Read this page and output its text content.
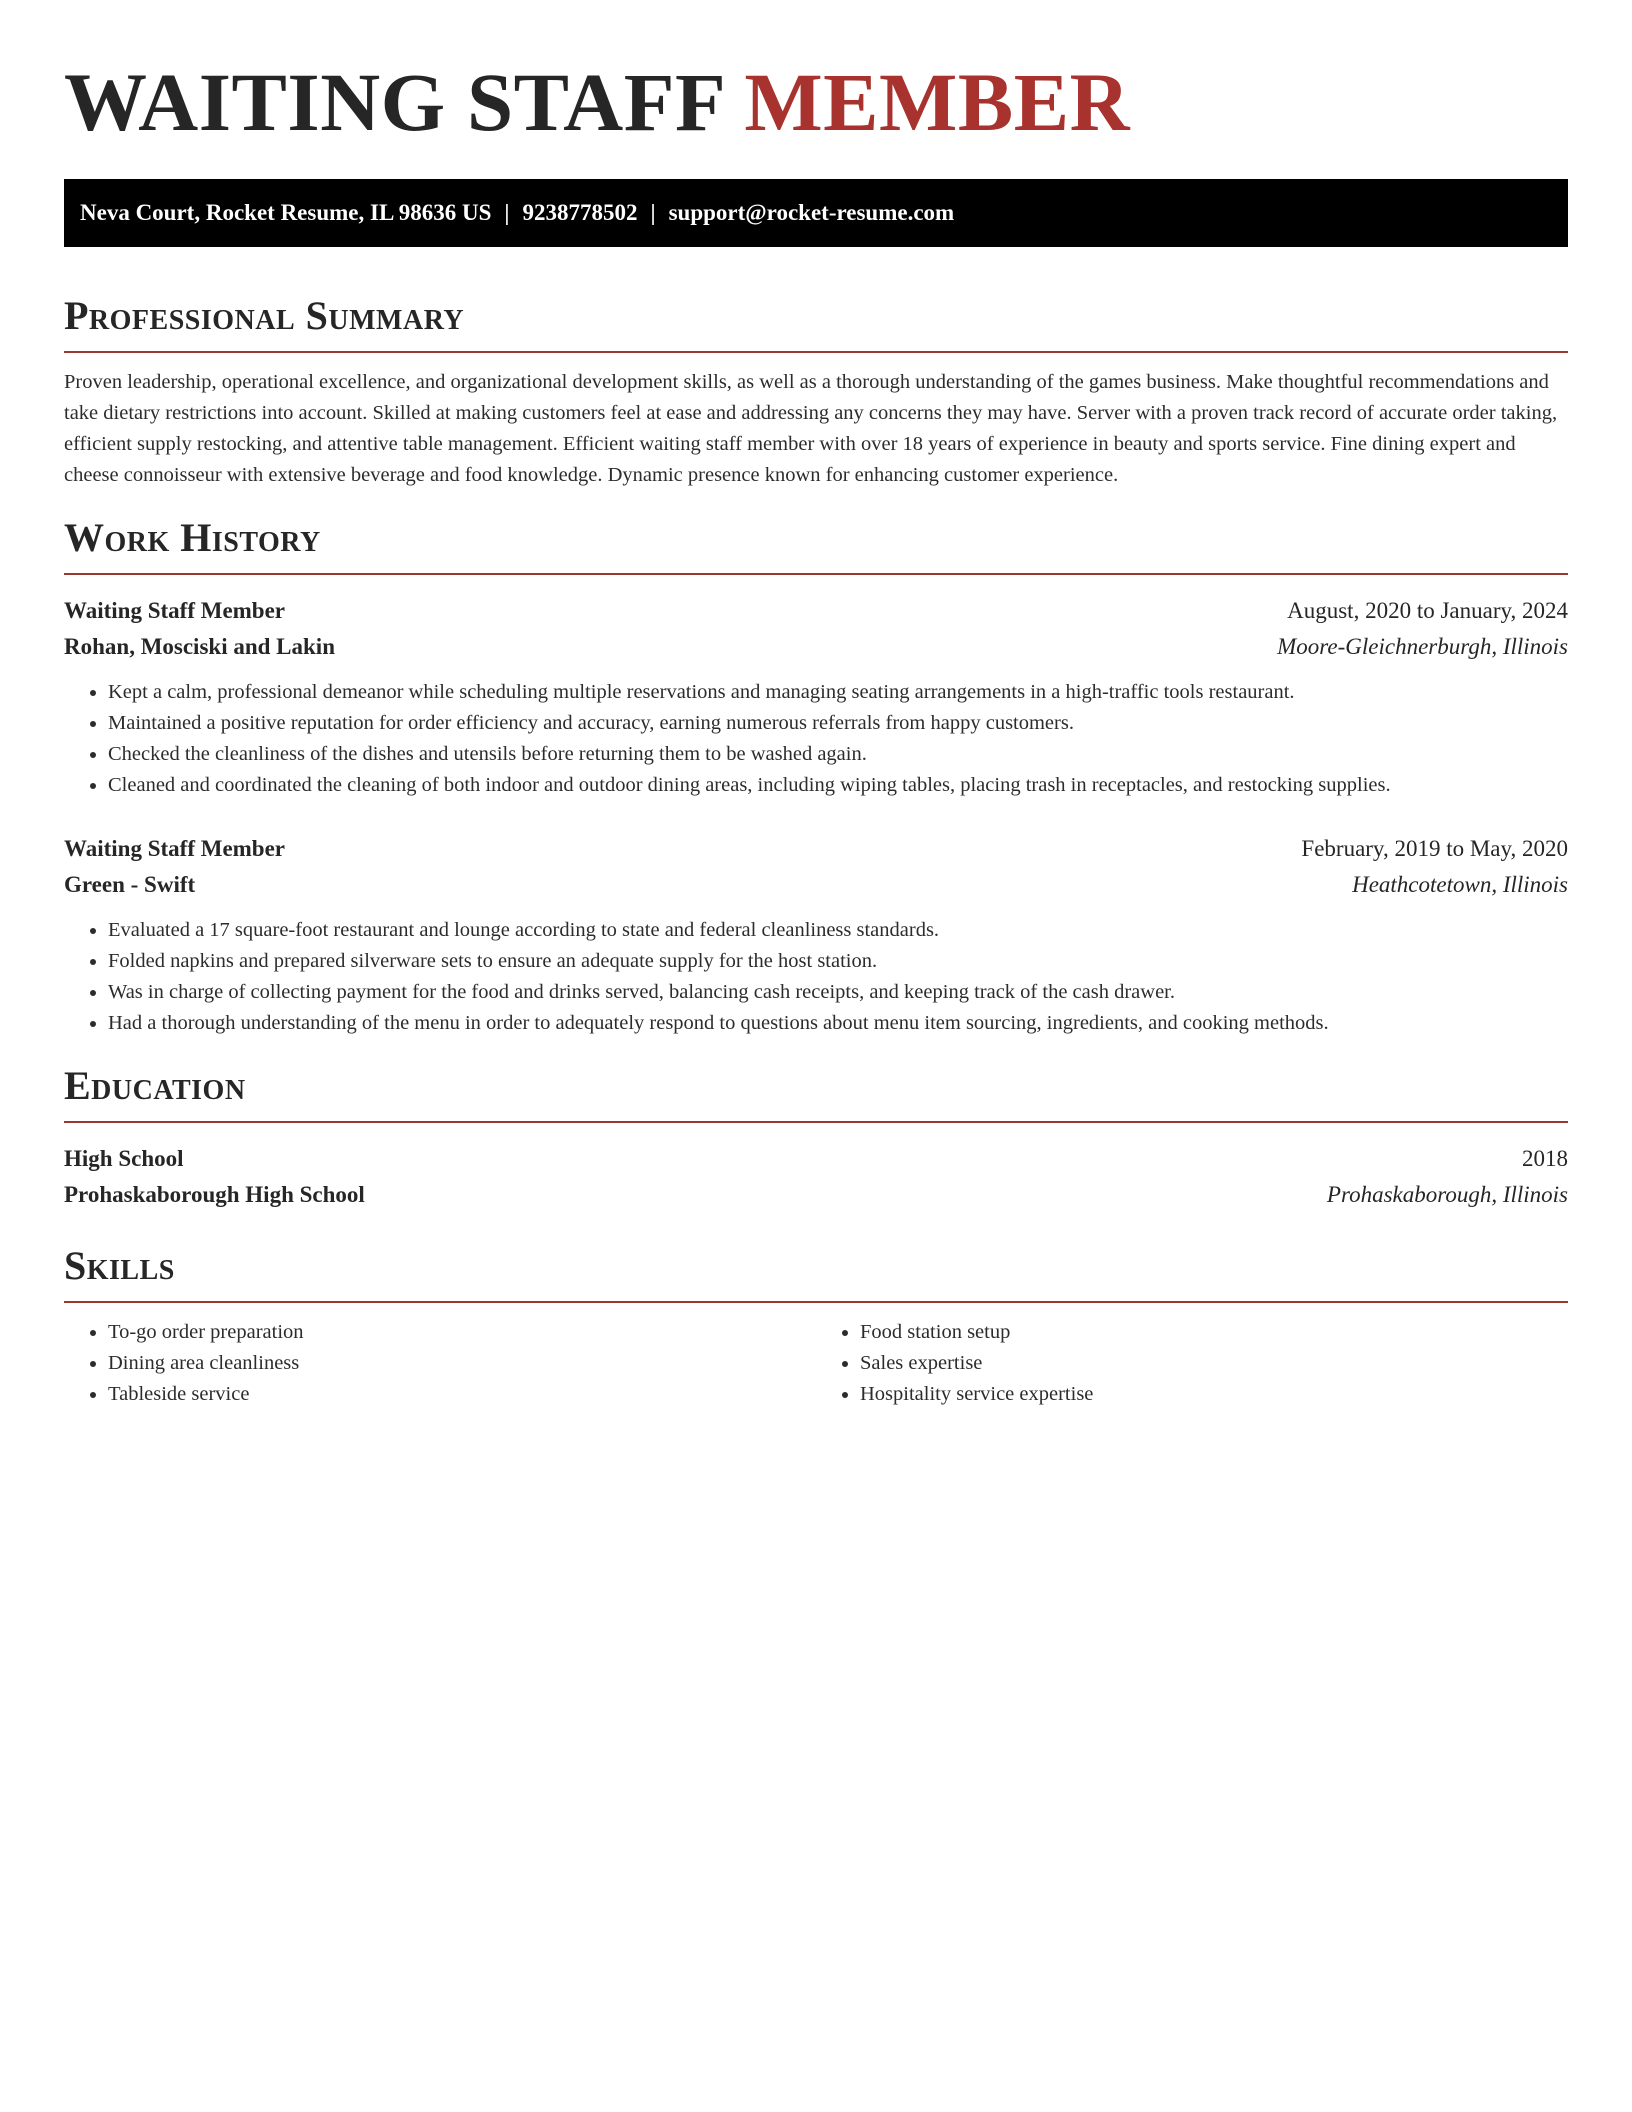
WAITING STAFF MEMBER
Neva Court, Rocket Resume, IL 98636 US | 9238778502 | support@rocket-resume.com
Professional Summary

Proven leadership, operational excellence, and organizational development skills, as well as a thorough understanding of the games business. Make thoughtful recommendations and take dietary restrictions into account. Skilled at making customers feel at ease and addressing any concerns they may have. Server with a proven track record of accurate order taking, efficient supply restocking, and attentive table management. Efficient waiting staff member with over 18 years of experience in beauty and sports service. Fine dining expert and cheese connoisseur with extensive beverage and food knowledge. Dynamic presence known for enhancing customer experience.

Work History
Waiting Staff Member	August, 2020 to January, 2024
Rohan, Mosciski and Lakin	Moore-Gleichnerburgh, Illinois
• Kept a calm, professional demeanor while scheduling multiple reservations and managing seating arrangements in a high-traffic tools restaurant.
• Maintained a positive reputation for order efficiency and accuracy, earning numerous referrals from happy customers.
• Checked the cleanliness of the dishes and utensils before returning them to be washed again.
• Cleaned and coordinated the cleaning of both indoor and outdoor dining areas, including wiping tables, placing trash in receptacles, and restocking supplies.
Waiting Staff Member	February, 2019 to May, 2020
Green - Swift	Heathcotetown, Illinois
• Evaluated a 17 square-foot restaurant and lounge according to state and federal cleanliness standards.
• Folded napkins and prepared silverware sets to ensure an adequate supply for the host station.
• Was in charge of collecting payment for the food and drinks served, balancing cash receipts, and keeping track of the cash drawer.
• Had a thorough understanding of the menu in order to adequately respond to questions about menu item sourcing, ingredients, and cooking methods.
Education
High School	2018
Prohaskaborough High School	Prohaskaborough, Illinois
Skills
• To-go order preparation
• Dining area cleanliness
• Tableside service
• Food station setup
• Sales expertise
• Hospitality service expertise
